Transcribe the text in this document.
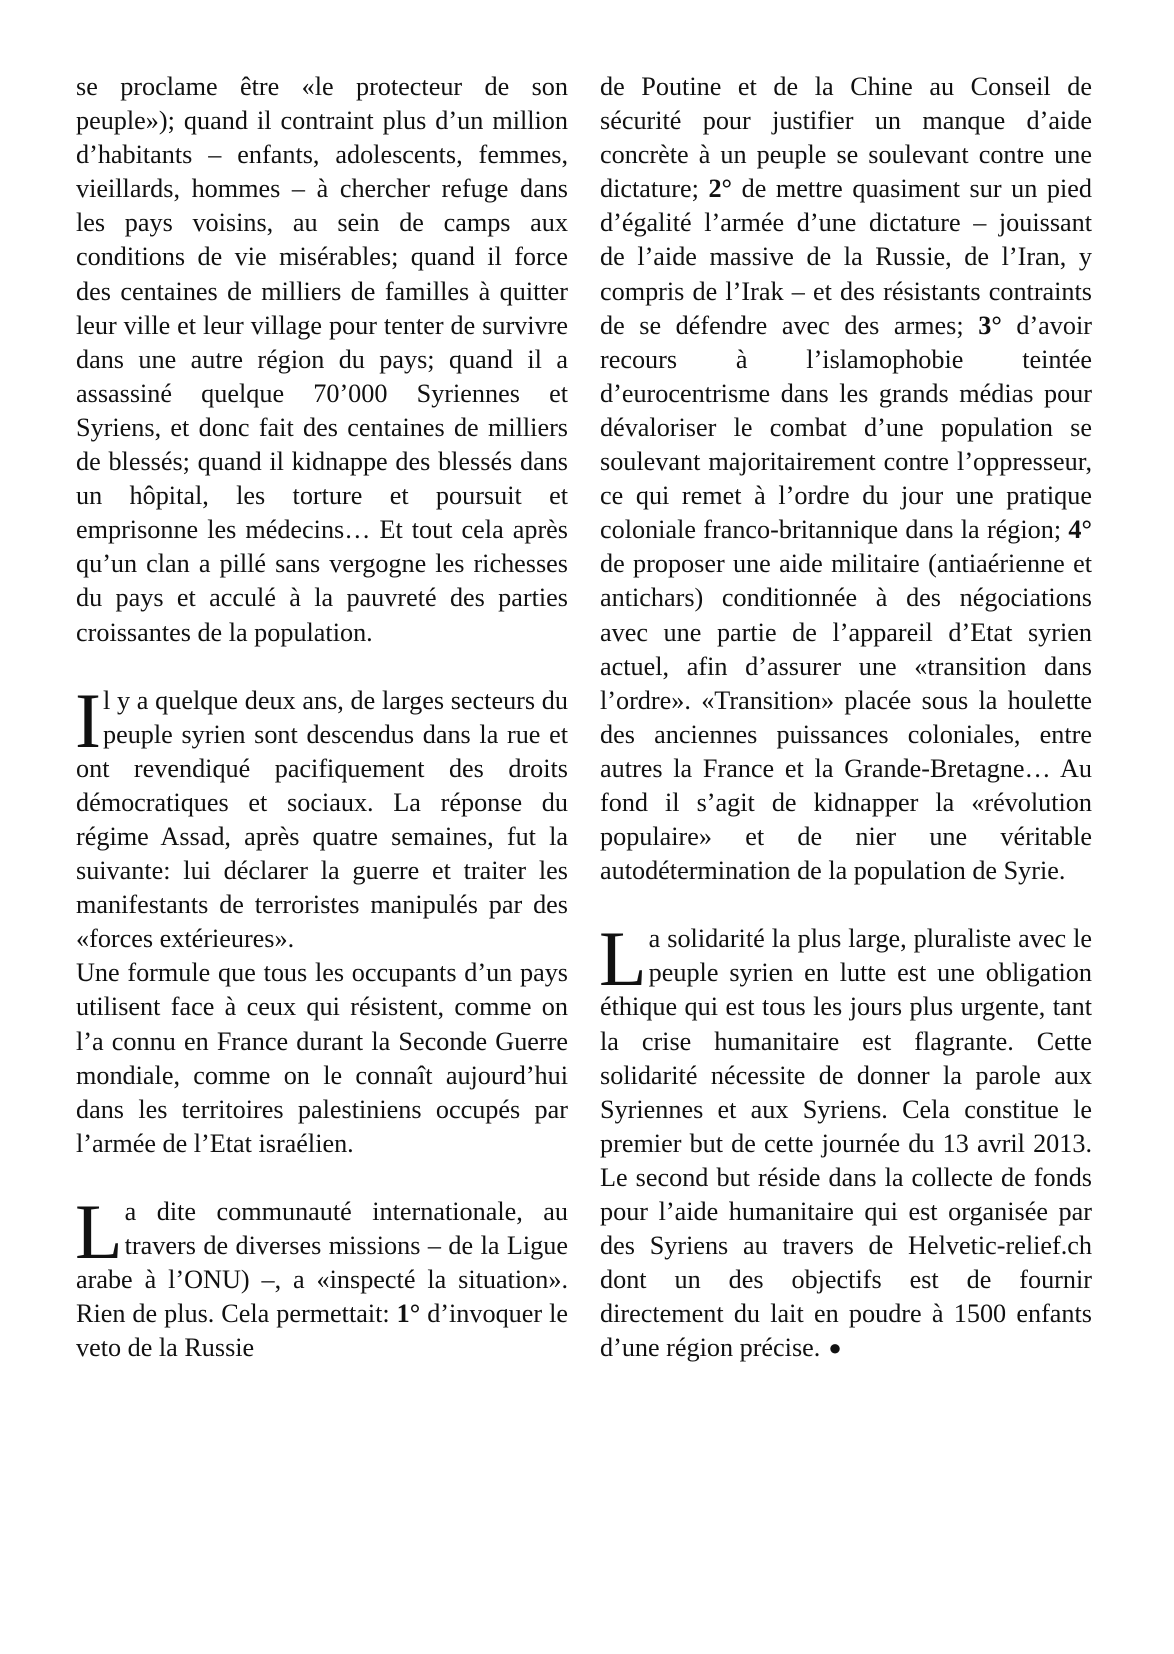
se proclame être «le protecteur de son peuple»); quand il contraint plus d’un million d’habitants – enfants, adolescents, femmes, vieillards, hommes – à chercher refuge dans les pays voisins, au sein de camps aux conditions de vie misérables; quand il force des centaines de milliers de familles à quitter leur ville et leur village pour tenter de survivre dans une autre région du pays; quand il a assassiné quelque 70’000 Syriennes et Syriens, et donc fait des centaines de milliers de blessés; quand il kidnappe des blessés dans un hôpital, les torture et poursuit et emprisonne les médecins… Et tout cela après qu’un clan a pillé sans vergogne les richesses du pays et acculé à la pauvreté des parties croissantes de la population.

Il y a quelque deux ans, de larges secteurs du peuple syrien sont descendus dans la rue et ont revendiqué pacifiquement des droits démocratiques et sociaux. La réponse du régime Assad, après quatre semaines, fut la suivante: lui déclarer la guerre et traiter les manifestants de terroristes manipulés par des «forces extérieures».

Une formule que tous les occupants d’un pays utilisent face à ceux qui résistent, comme on l’a connu en France durant la Seconde Guerre mondiale, comme on le connaît aujourd’hui dans les territoires palestiniens occupés par l’armée de l’Etat israélien.

La dite communauté internationale, au travers de diverses missions – de la Ligue arabe à l’ONU) –, a «inspecté la situation». Rien de plus. Cela permettait: 1° d’invoquer le veto de la Russie

de Poutine et de la Chine au Conseil de sécurité pour justifier un manque d’aide concrète à un peuple se soulevant contre une dictature; 2° de mettre quasiment sur un pied d’égalité l’armée d’une dictature – jouissant de l’aide massive de la Russie, de l’Iran, y compris de l’Irak – et des résistants contraints de se défendre avec des armes; 3° d’avoir recours à l’islamophobie teintée d’eurocentrisme dans les grands médias pour dévaloriser le combat d’une population se soulevant majoritairement contre l’oppresseur, ce qui remet à l’ordre du jour une pratique coloniale franco-britannique dans la région; 4° de proposer une aide militaire (antiaérienne et antichars) conditionnée à des négociations avec une partie de l’appareil d’Etat syrien actuel, afin d’assurer une «transition dans l’ordre». «Transition» placée sous la houlette des anciennes puissances coloniales, entre autres la France et la Grande-Bretagne… Au fond il s’agit de kidnapper la «révolution populaire» et de nier une véritable autodétermination de la population de Syrie.

La solidarité la plus large, pluraliste avec le peuple syrien en lutte est une obligation éthique qui est tous les jours plus urgente, tant la crise humanitaire est flagrante. Cette solidarité nécessite de donner la parole aux Syriennes et aux Syriens. Cela constitue le premier but de cette journée du 13 avril 2013. Le second but réside dans la collecte de fonds pour l’aide humanitaire qui est organisée par des Syriens au travers de Helvetic-relief.ch dont un des objectifs est de fournir directement du lait en poudre à 1500 enfants d’une région précise. ●
